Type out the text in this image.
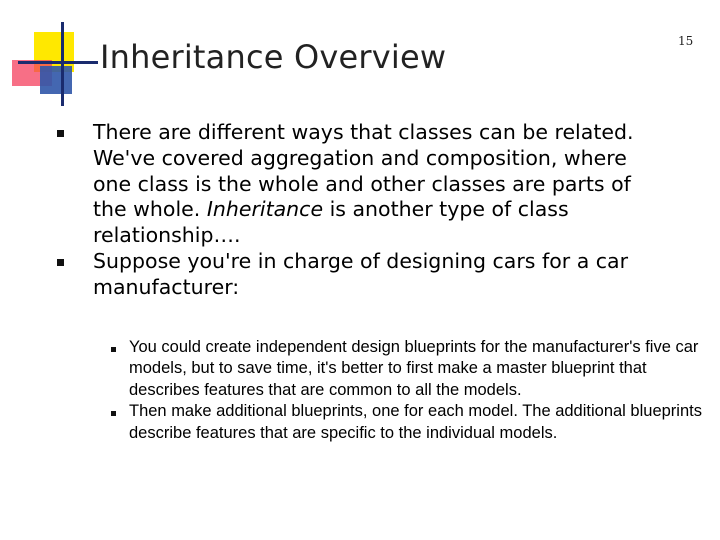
Inheritance Overview	15
There are different ways that classes can be related. We've covered aggregation and composition, where one class is the whole and other classes are parts of the whole. Inheritance is another type of class relationship….
Suppose you're in charge of designing cars for a car manufacturer:
You could create independent design blueprints for the manufacturer's five car models, but to save time, it's better to first make a master blueprint that describes features that are common to all the models.
Then make additional blueprints, one for each model. The additional blueprints describe features that are specific to the individual models.
